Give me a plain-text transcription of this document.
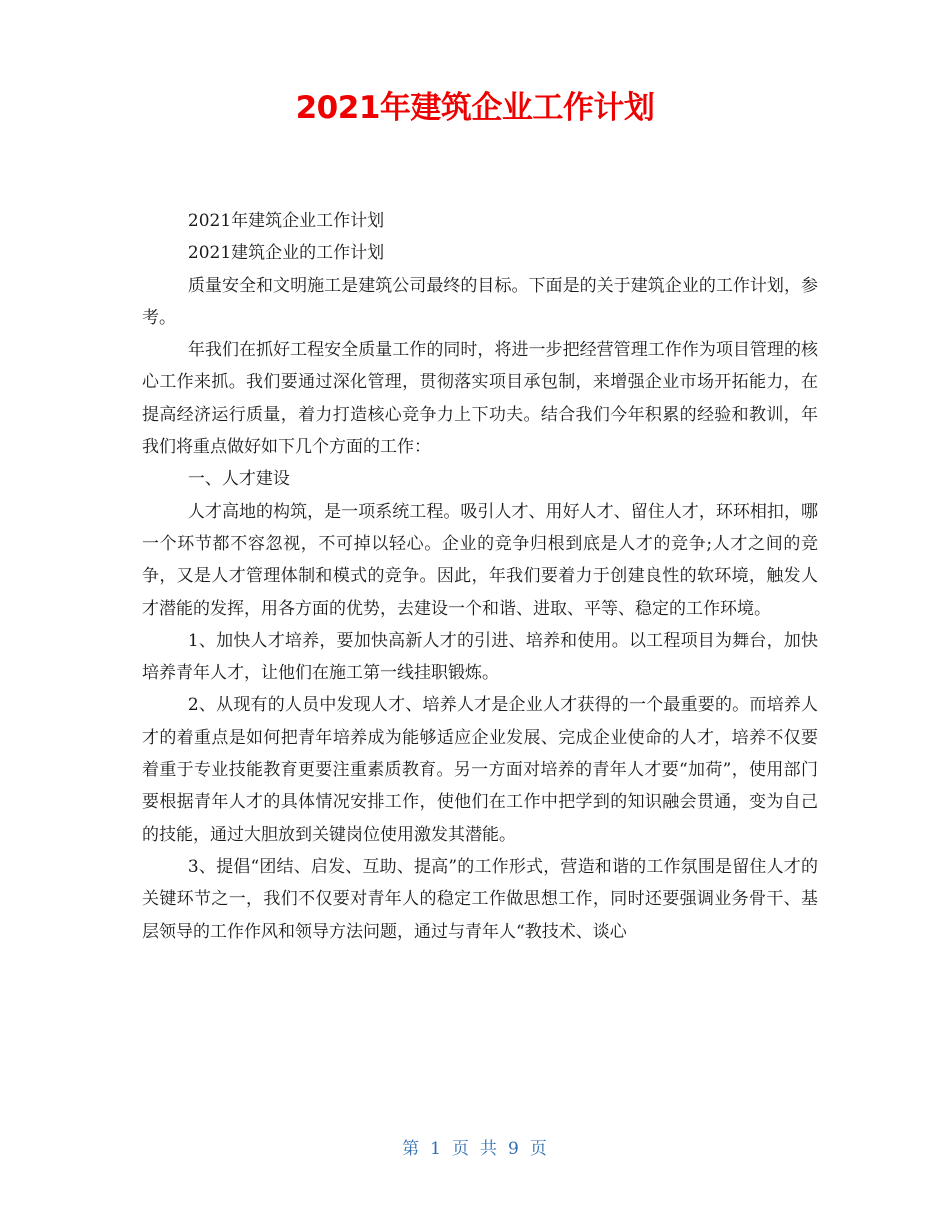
2021年建筑企业工作计划

2021年建筑企业工作计划

2021建筑企业的工作计划

质量安全和文明施工是建筑公司最终的目标。下面是的关于建筑企业的工作计划，参考。

年我们在抓好工程安全质量工作的同时，将进一步把经营管理工作作为项目管理的核心工作来抓。我们要通过深化管理，贯彻落实项目承包制，来增强企业市场开拓能力，在提高经济运行质量，着力打造核心竞争力上下功夫。结合我们今年积累的经验和教训，年我们将重点做好如下几个方面的工作：

一、人才建设

人才高地的构筑，是一项系统工程。吸引人才、用好人才、留住人才，环环相扣，哪一个环节都不容忽视，不可掉以轻心。企业的竞争归根到底是人才的竞争;人才之间的竞争，又是人才管理体制和模式的竞争。因此，年我们要着力于创建良性的软环境，触发人才潜能的发挥，用各方面的优势，去建设一个和谐、进取、平等、稳定的工作环境。

1、加快人才培养，要加快高新人才的引进、培养和使用。以工程项目为舞台，加快培养青年人才，让他们在施工第一线挂职锻炼。

2、从现有的人员中发现人才、培养人才是企业人才获得的一个最重要的。而培养人才的着重点是如何把青年培养成为能够适应企业发展、完成企业使命的人才，培养不仅要着重于专业技能教育更要注重素质教育。另一方面对培养的青年人才要“加荷”，使用部门要根据青年人才的具体情况安排工作，使他们在工作中把学到的知识融会贯通，变为自己的技能，通过大胆放到关键岗位使用激发其潜能。

3、提倡“团结、启发、互助、提高”的工作形式，营造和谐的工作氛围是留住人才的关键环节之一，我们不仅要对青年人的稳定工作做思想工作，同时还要强调业务骨干、基层领导的工作作风和领导方法问题，通过与青年人“教技术、谈心

第 1 页 共 9 页
